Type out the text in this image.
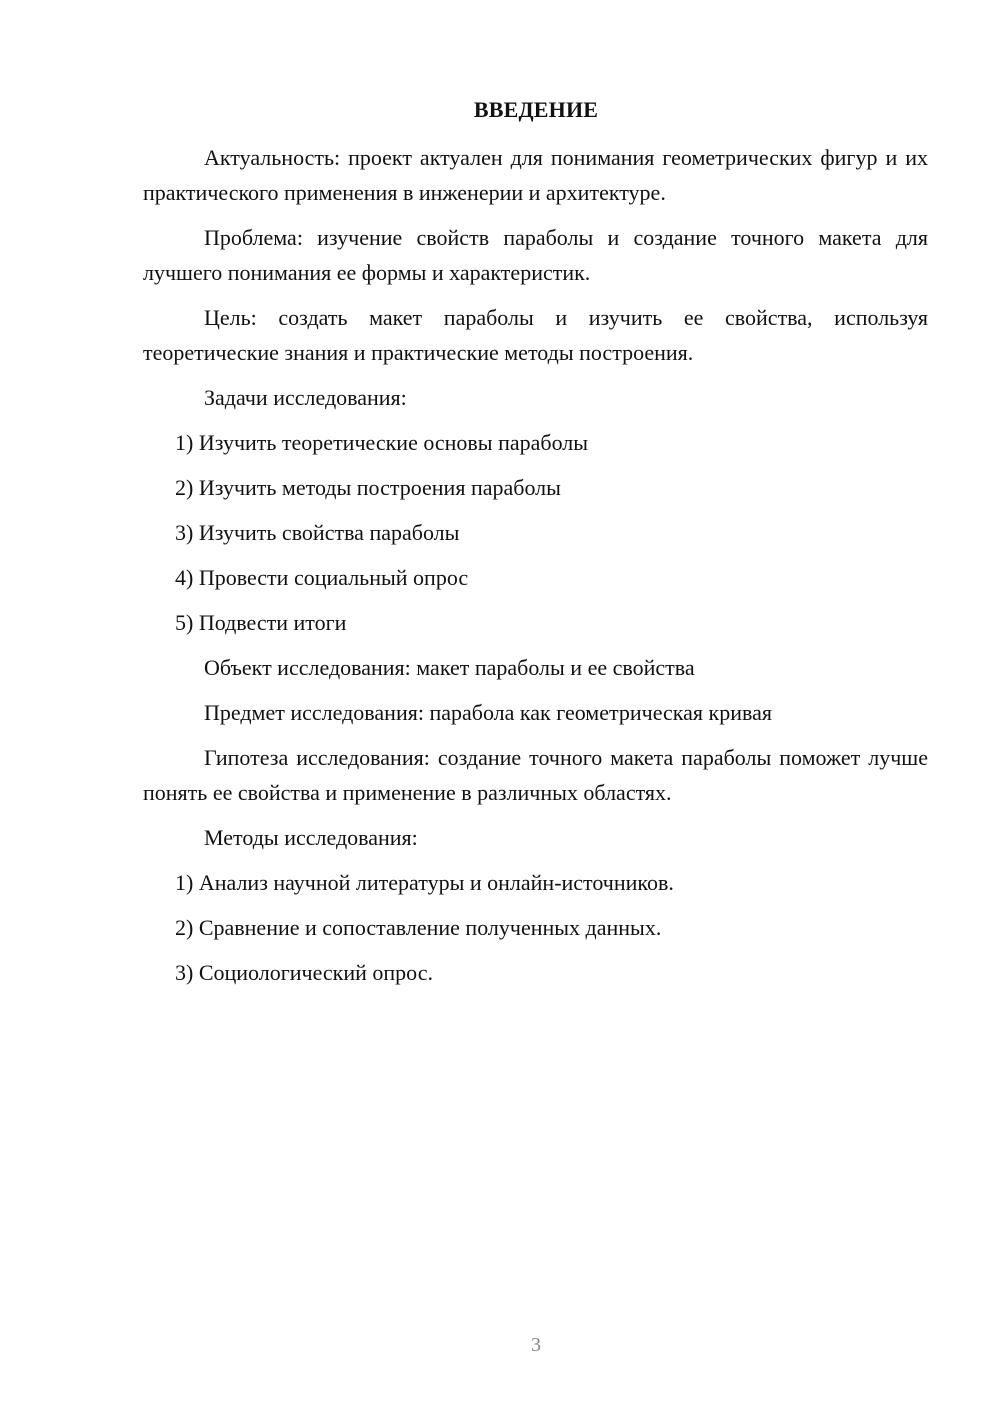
ВВЕДЕНИЕ

Актуальность: проект актуален для понимания геометрических фигур и их практического применения в инженерии и архитектуре.

Проблема: изучение свойств параболы и создание точного макета для лучшего понимания ее формы и характеристик.

Цель: создать макет параболы и изучить ее свойства, используя теоретические знания и практические методы построения.

Задачи исследования:

1) Изучить теоретические основы параболы

2) Изучить методы построения параболы

3) Изучить свойства параболы

4) Провести социальный опрос

5) Подвести итоги

Объект исследования: макет параболы и ее свойства

Предмет исследования: парабола как геометрическая кривая

Гипотеза исследования: создание точного макета параболы поможет лучше понять ее свойства и применение в различных областях.

Методы исследования:

1) Анализ научной литературы и онлайн-источников.

2) Сравнение и сопоставление полученных данных.

3) Социологический опрос.

3
